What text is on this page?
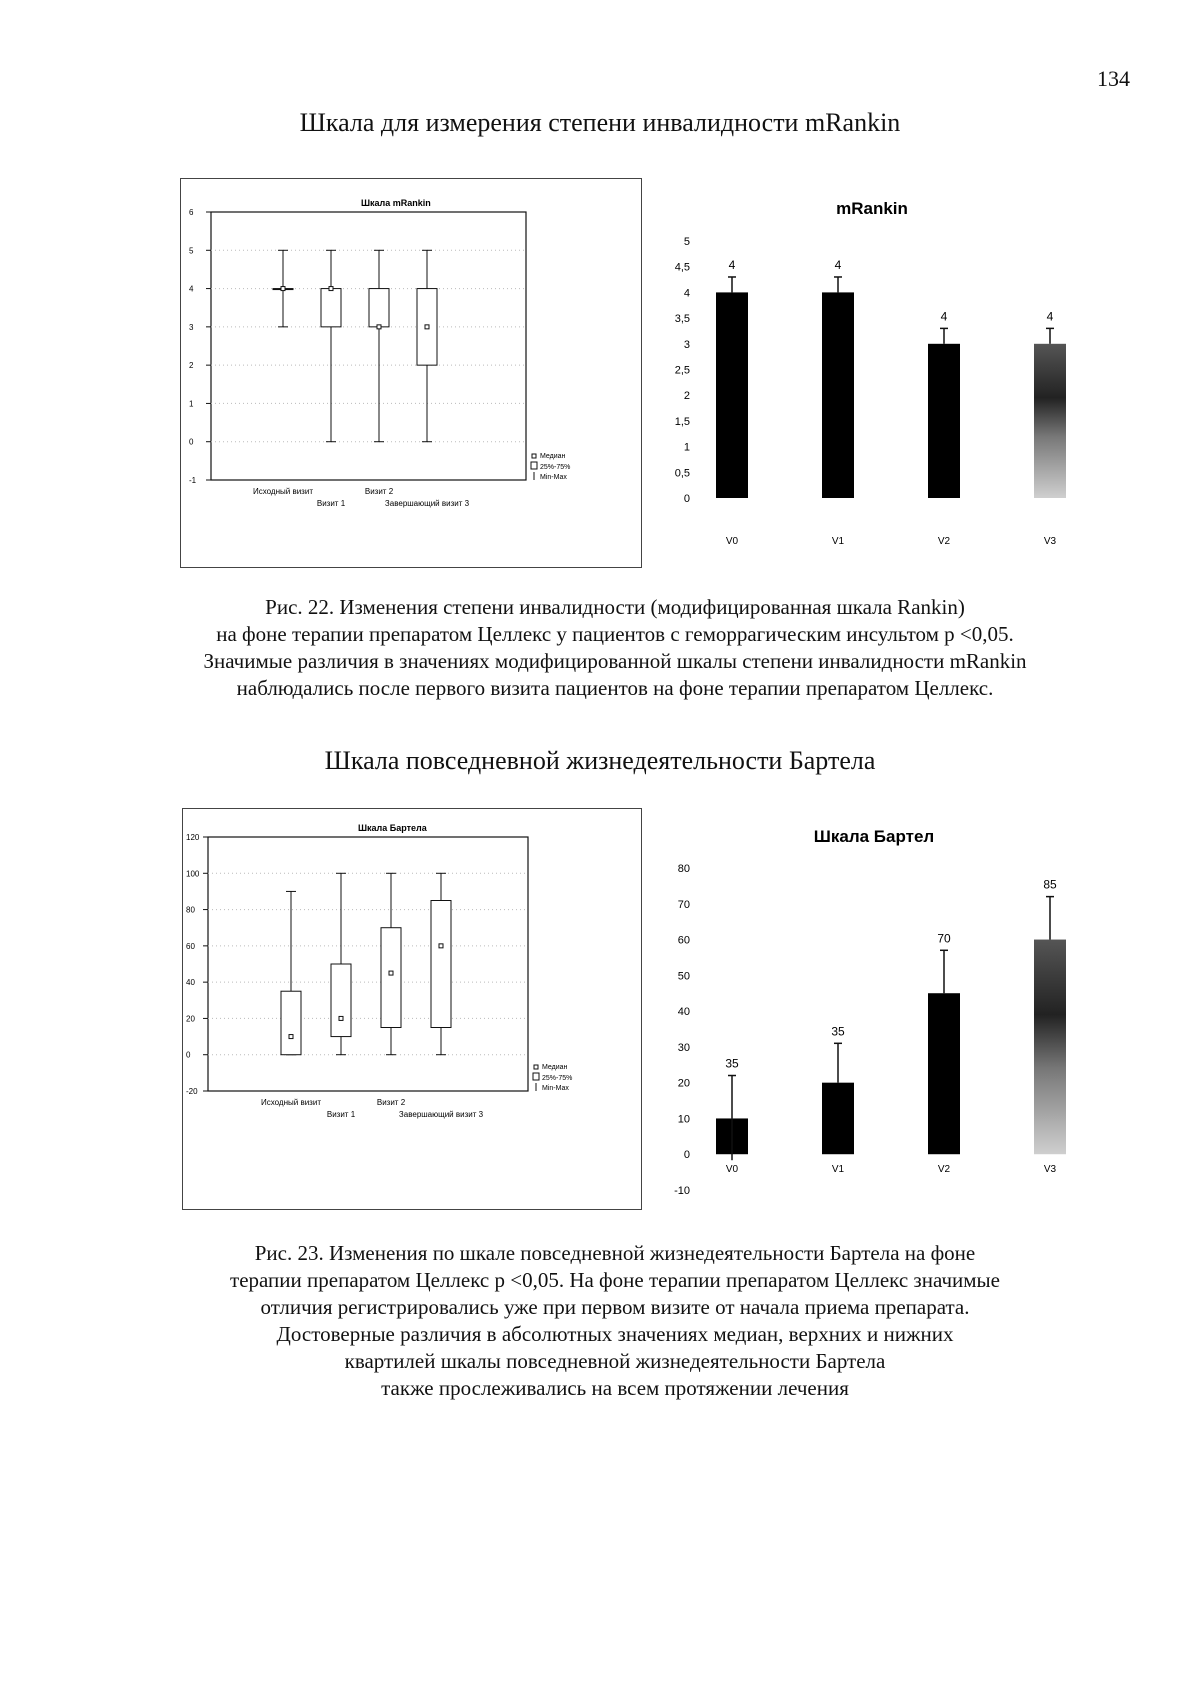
134
Шкала для измерения степени инвалидности mRankin
Шкала mRankin
-1
0
1
2
3
4
5
6
Исходный визит	Визит 2
Визит 1	Завершающий визит 3
Медиан
25%-75%
Min-Max
mRankin
0
0,5
1
1,5
2
2,5
3
3,5
4
4,5
5
4
V0
4
V1
4
V2
4
V3
Рис. 22. Изменения степени инвалидности (модифицированная шкала Rankin)
на фоне терапии препаратом Целлекс у пациентов с геморрагическим инсультом p <0,05.
Значимые различия в значениях модифицированной шкалы степени инвалидности mRankin
наблюдались после первого визита пациентов на фоне терапии препаратом Целлекс.
Шкала повседневной жизнедеятельности Бартела
Шкала Бартела
-20
0
20
40
60
80
100
120
Исходный визит	Визит 2
Визит 1	Завершающий визит 3
Медиан
25%-75%
Min-Max
Шкала Бартел
-10
0
10
20
30
40
50
60
70
80
35
V0
35
V1
70
V2
85
V3
Рис. 23. Изменения по шкале повседневной жизнедеятельности Бартела на фоне
терапии препаратом Целлекс p <0,05. На фоне терапии препаратом Целлекс значимые
отличия регистрировались уже при первом визите от начала приема препарата.
Достоверные различия в абсолютных значениях медиан, верхних и нижних
квартилей шкалы повседневной жизнедеятельности Бартела
также прослеживались на всем протяжении лечения
